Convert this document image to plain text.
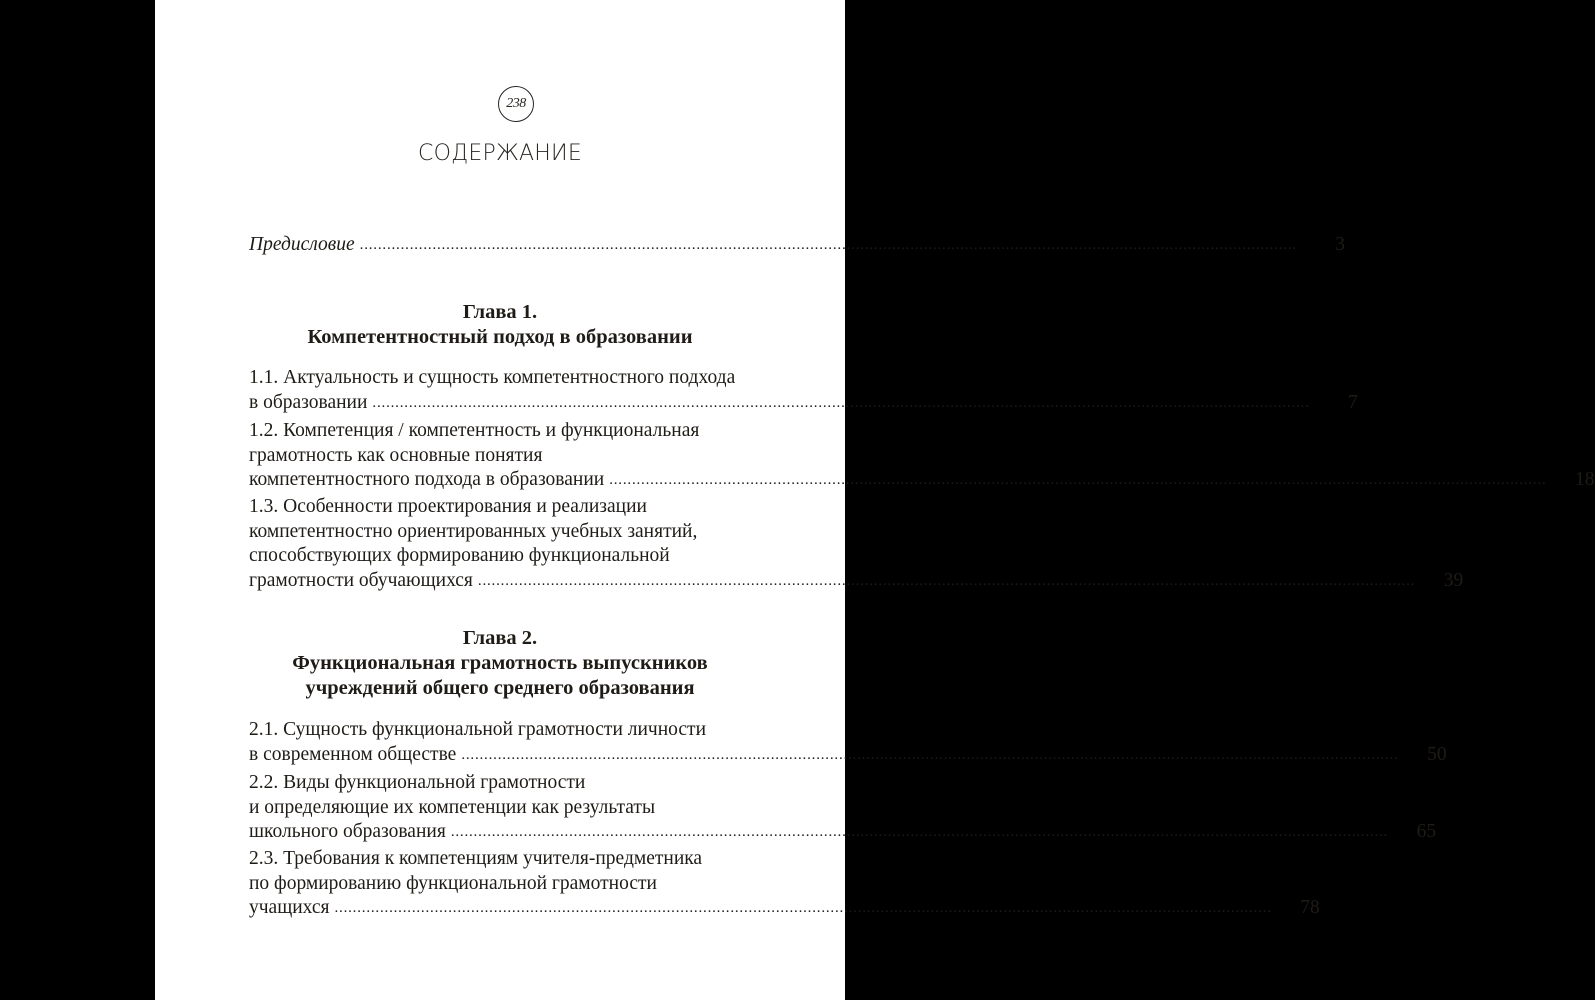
238
СОДЕРЖАНИЕ
Предисловие ..............................................................................................................................................................................................................	3
Глава 1.
Компетентностный подход в образовании
1.1. Актуальность и сущность компетентностного подхода
в образовании ..............................................................................................................................................................................................................	7
1.2. Компетенция / компетентность и функциональная
грамотность как основные понятия
компетентностного подхода в образовании ..............................................................................................................................................................................................................	18
1.3. Особенности проектирования и реализации
компетентностно ориентированных учебных занятий,
способствующих формированию функциональной
грамотности обучающихся ..............................................................................................................................................................................................................	39
Глава 2.
Функциональная грамотность выпускников
учреждений общего среднего образования
2.1. Сущность функциональной грамотности личности
в современном обществе ..............................................................................................................................................................................................................	50
2.2. Виды функциональной грамотности
и определяющие их компетенции как результаты
школьного образования ..............................................................................................................................................................................................................	65
2.3. Требования к компетенциям учителя-предметника
по формированию функциональной грамотности
учащихся ..............................................................................................................................................................................................................	78
